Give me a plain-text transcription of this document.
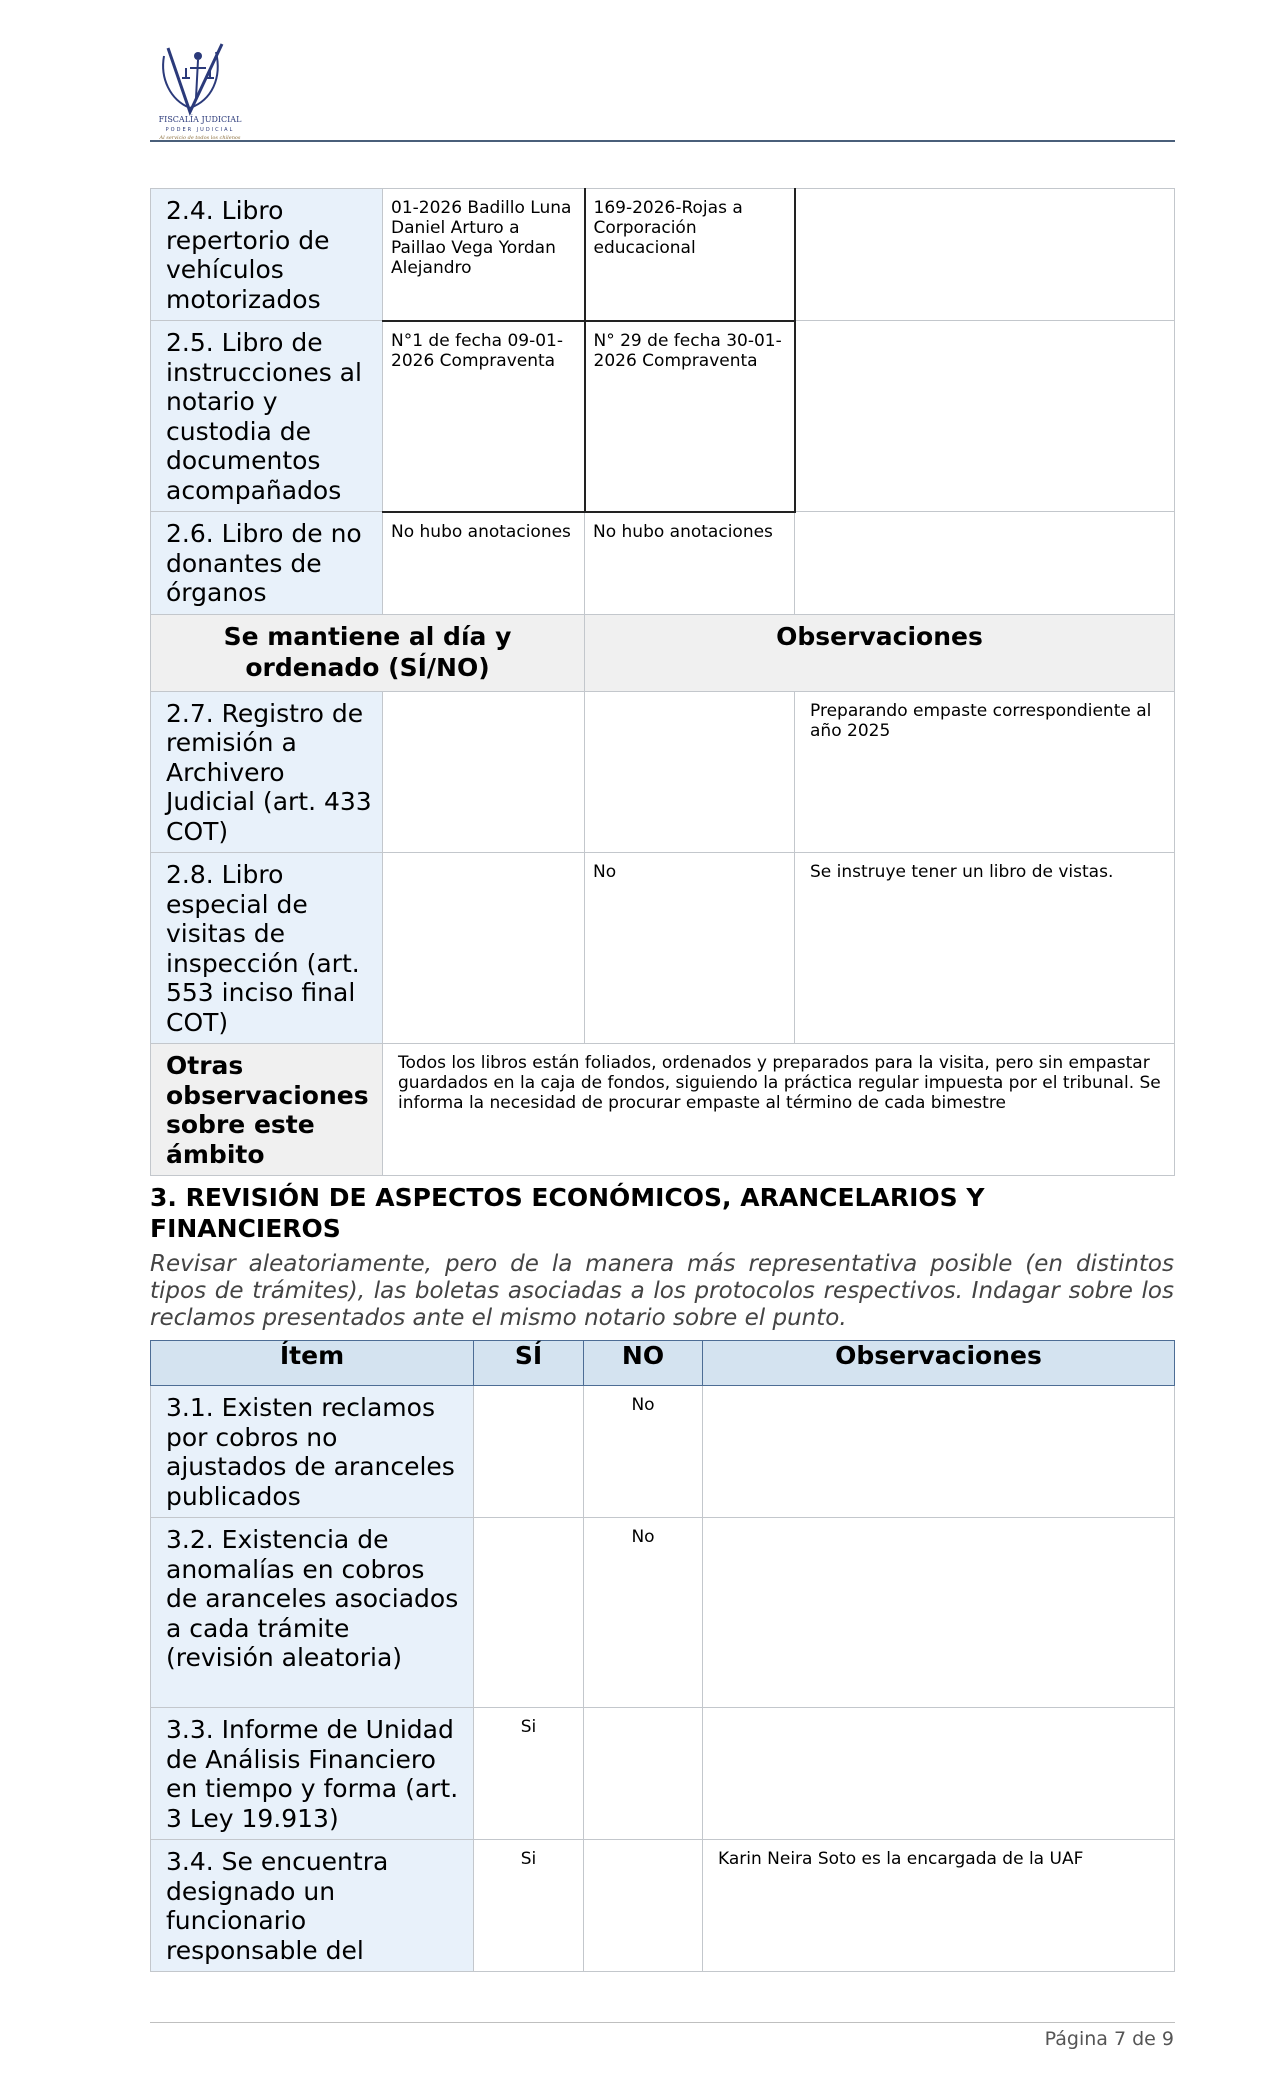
FISCALÍA JUDICIAL
PODER JUDICIAL
Al servicio de todos los chilenos
2.4. Libro repertorio de vehículos motorizados	01-2026 Badillo Luna Daniel Arturo a Paillao Vega Yordan Alejandro	169-2026-Rojas a Corporación educacional	
2.5. Libro de instrucciones al notario y custodia de documentos acompañados	N°1 de fecha 09-01-2026 Compraventa	N° 29 de fecha 30-01-2026 Compraventa	
2.6. Libro de no donantes de órganos	No hubo anotaciones	No hubo anotaciones	
Se mantiene al día y ordenado (SÍ/NO)		Observaciones	
2.7. Registro de remisión a Archivero Judicial (art. 433 COT)			Preparando empaste correspondiente al año 2025
2.8. Libro especial de visitas de inspección (art. 553 inciso final COT)		No	Se instruye tener un libro de vistas.
Otras observaciones sobre este ámbito	Todos los libros están foliados, ordenados y preparados para la visita, pero sin empastar guardados en la caja de fondos, siguiendo la práctica regular impuesta por el tribunal. Se informa la necesidad de procurar empaste al término de cada bimestre		
3. REVISIÓN DE ASPECTOS ECONÓMICOS, ARANCELARIOS Y FINANCIEROS
Revisar aleatoriamente, pero de la manera más representativa posible (en distintos tipos de trámites), las boletas asociadas a los protocolos respectivos. Indagar sobre los reclamos presentados ante el mismo notario sobre el punto.
Ítem	SÍ	NO	Observaciones
3.1. Existen reclamos por cobros no ajustados de aranceles publicados		No	
3.2. Existencia de anomalías en cobros de aranceles asociados a cada trámite (revisión aleatoria)		No	
3.3. Informe de Unidad de Análisis Financiero en tiempo y forma (art. 3 Ley 19.913)	Si		
3.4. Se encuentra designado un funcionario responsable del	Si		Karin Neira Soto es la encargada de la UAF
Página 7 de 9
